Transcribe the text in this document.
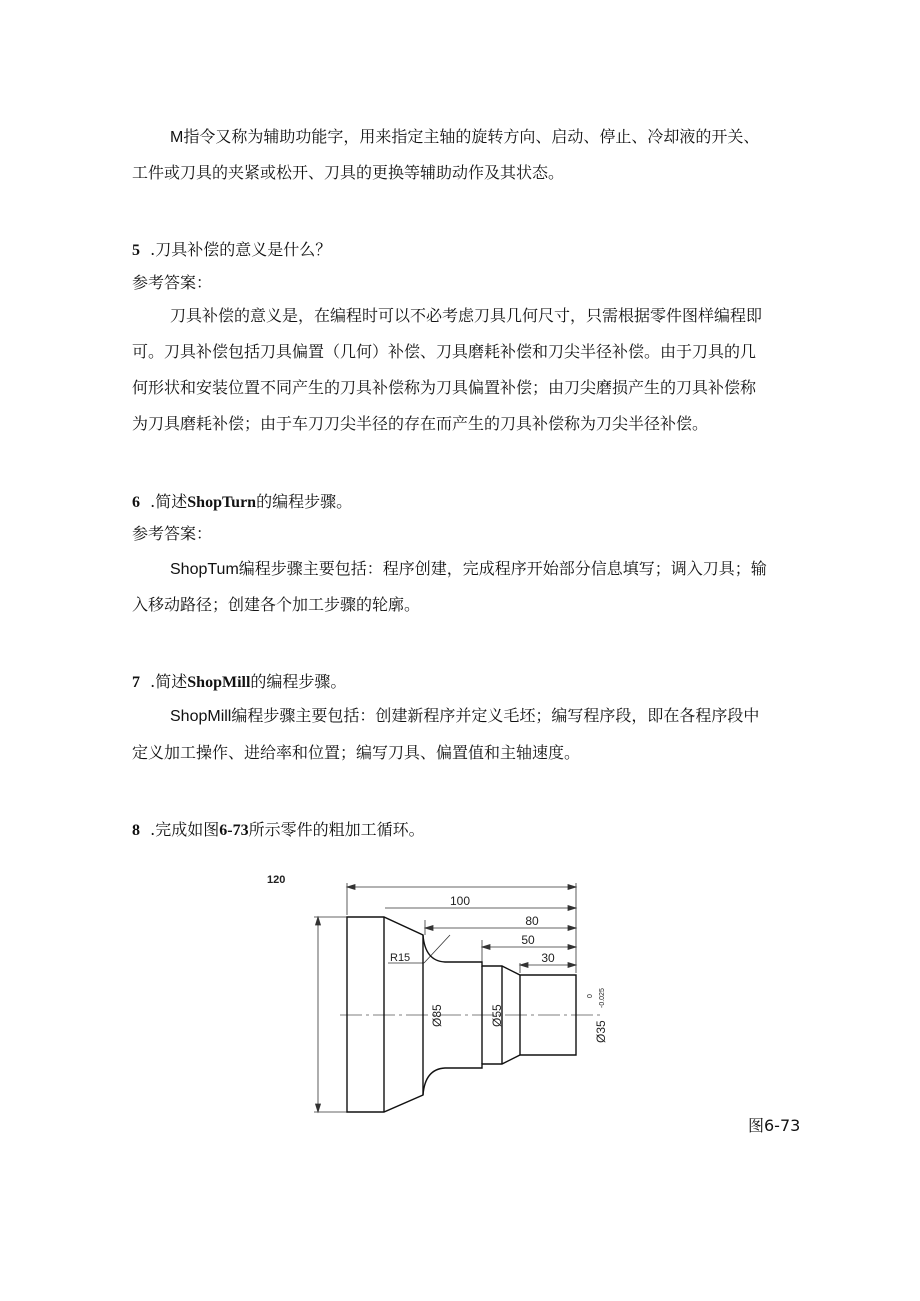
M指令又称为辅助功能字，用来指定主轴的旋转方向、启动、停止、冷却液的开关、
工件或刀具的夹紧或松开、刀具的更换等辅助动作及其状态。
5 .刀具补偿的意义是什么？
参考答案：
刀具补偿的意义是，在编程时可以不必考虑刀具几何尺寸，只需根据零件图样编程即
可。刀具补偿包括刀具偏置（几何）补偿、刀具磨耗补偿和刀尖半径补偿。由于刀具的几
何形状和安装位置不同产生的刀具补偿称为刀具偏置补偿；由刀尖磨损产生的刀具补偿称
为刀具磨耗补偿；由于车刀刀尖半径的存在而产生的刀具补偿称为刀尖半径补偿。
6 .简述ShopTurn的编程步骤。
参考答案：
ShopTum编程步骤主要包括：程序创建，完成程序开始部分信息填写；调入刀具；输
入移动路径；创建各个加工步骤的轮廓。
7 .简述ShopMill的编程步骤。
ShopMill编程步骤主要包括：创建新程序并定义毛坯；编写程序段，即在各程序段中
定义加工操作、进给率和位置；编写刀具、偏置值和主轴速度。
8 .完成如图6-73所示零件的粗加工循环。
120
100
80
50
30
R15
Ø85	Ø55
Ø35
0 -0.025
图6-73
